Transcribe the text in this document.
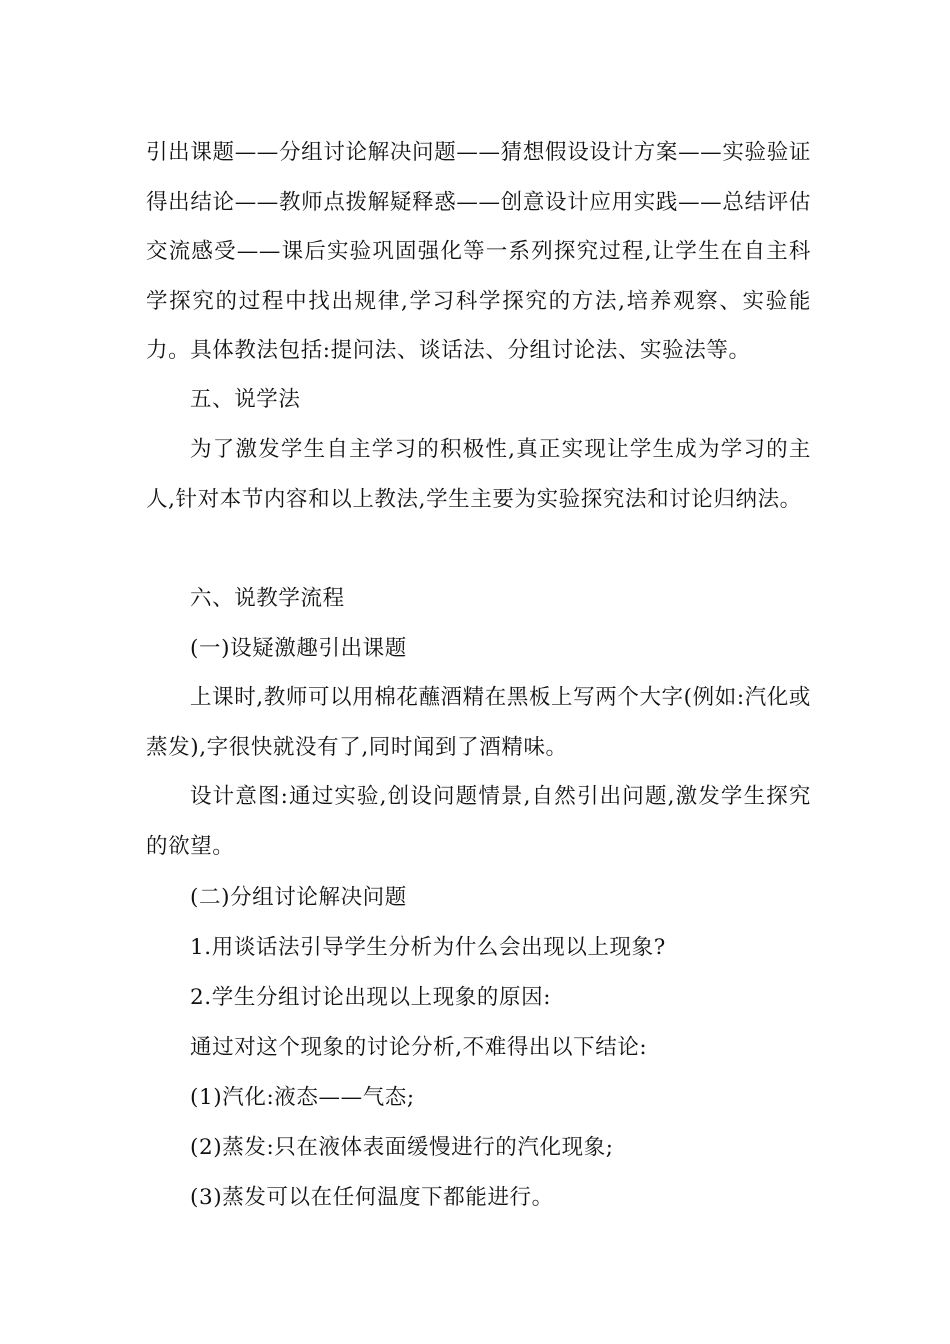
引出课题——分组讨论解决问题——猜想假设设计方案——实验验证得出结论——教师点拨解疑释惑——创意设计应用实践——总结评估交流感受——课后实验巩固强化等一系列探究过程,让学生在自主科学探究的过程中找出规律,学习科学探究的方法,培养观察、实验能力。具体教法包括:提问法、谈话法、分组讨论法、实验法等。

五、说学法

为了激发学生自主学习的积极性,真正实现让学生成为学习的主人,针对本节内容和以上教法,学生主要为实验探究法和讨论归纳法。

六、说教学流程

(一)设疑激趣引出课题

上课时,教师可以用棉花蘸酒精在黑板上写两个大字(例如:汽化或蒸发),字很快就没有了,同时闻到了酒精味。

设计意图:通过实验,创设问题情景,自然引出问题,激发学生探究的欲望。

(二)分组讨论解决问题

1.用谈话法引导学生分析为什么会出现以上现象?

2.学生分组讨论出现以上现象的原因:

通过对这个现象的讨论分析,不难得出以下结论:

(1)汽化:液态——气态;

(2)蒸发:只在液体表面缓慢进行的汽化现象;

(3)蒸发可以在任何温度下都能进行。
